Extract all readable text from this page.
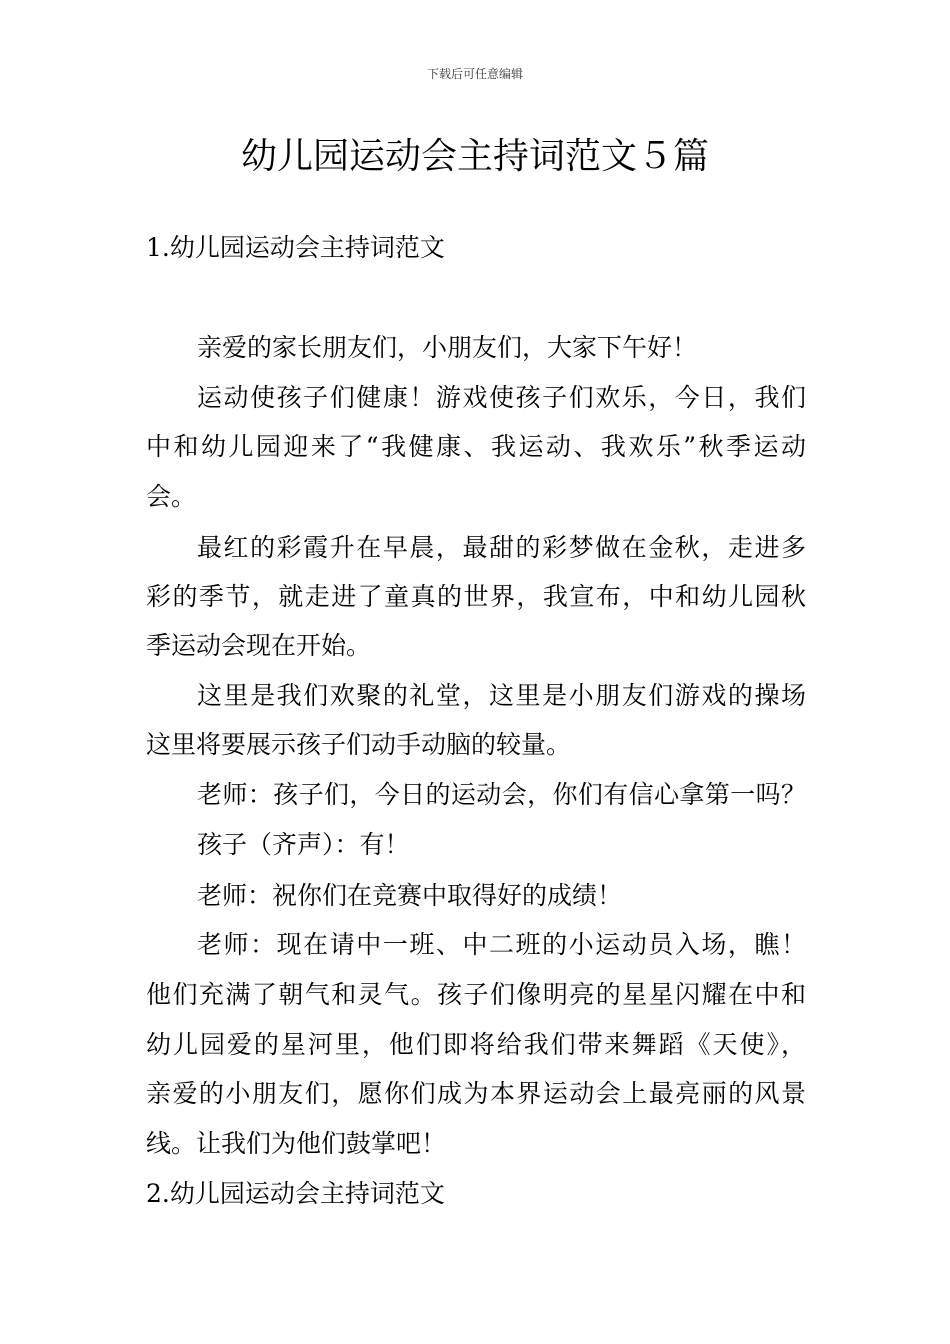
下载后可任意编辑
幼儿园运动会主持词范文５篇
1.幼儿园运动会主持词范文
亲爱的家长朋友们，小朋友们，大家下午好！
运动使孩子们健康！游戏使孩子们欢乐，今日，我们
中和幼儿园迎来了“我健康、我运动、我欢乐”秋季运动
会。
最红的彩霞升在早晨，最甜的彩梦做在金秋，走进多
彩的季节，就走进了童真的世界，我宣布，中和幼儿园秋
季运动会现在开始。
这里是我们欢聚的礼堂，这里是小朋友们游戏的操场
这里将要展示孩子们动手动脑的较量。
老师：孩子们，今日的运动会，你们有信心拿第一吗？
孩子（齐声）：有！
老师：祝你们在竞赛中取得好的成绩！
老师：现在请中一班、中二班的小运动员入场，瞧！
他们充满了朝气和灵气。孩子们像明亮的星星闪耀在中和
幼儿园爱的星河里，他们即将给我们带来舞蹈《天使》，
亲爱的小朋友们，愿你们成为本界运动会上最亮丽的风景
线。让我们为他们鼓掌吧！
2.幼儿园运动会主持词范文
